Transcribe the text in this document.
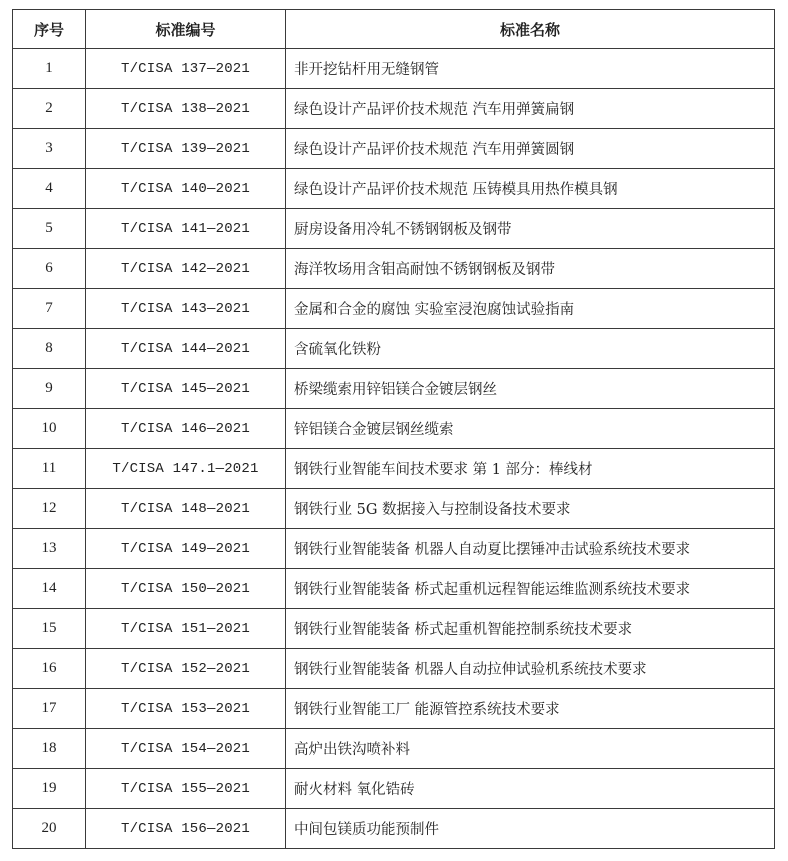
序号	标准编号	标准名称
1	T/CISA 137—2021	非开挖钻杆用无缝钢管
2	T/CISA 138—2021	绿色设计产品评价技术规范 汽车用弹簧扁钢
3	T/CISA 139—2021	绿色设计产品评价技术规范 汽车用弹簧圆钢
4	T/CISA 140—2021	绿色设计产品评价技术规范 压铸模具用热作模具钢
5	T/CISA 141—2021	厨房设备用冷轧不锈钢钢板及钢带
6	T/CISA 142—2021	海洋牧场用含钼高耐蚀不锈钢钢板及钢带
7	T/CISA 143—2021	金属和合金的腐蚀 实验室浸泡腐蚀试验指南
8	T/CISA 144—2021	含硫氧化铁粉
9	T/CISA 145—2021	桥梁缆索用锌铝镁合金镀层钢丝
10	T/CISA 146—2021	锌铝镁合金镀层钢丝缆索
11	T/CISA 147.1—2021	钢铁行业智能车间技术要求 第 1 部分：棒线材
12	T/CISA 148—2021	钢铁行业 5G 数据接入与控制设备技术要求
13	T/CISA 149—2021	钢铁行业智能装备 机器人自动夏比摆锤冲击试验系统技术要求
14	T/CISA 150—2021	钢铁行业智能装备 桥式起重机远程智能运维监测系统技术要求
15	T/CISA 151—2021	钢铁行业智能装备 桥式起重机智能控制系统技术要求
16	T/CISA 152—2021	钢铁行业智能装备 机器人自动拉伸试验机系统技术要求
17	T/CISA 153—2021	钢铁行业智能工厂 能源管控系统技术要求
18	T/CISA 154—2021	高炉出铁沟喷补料
19	T/CISA 155—2021	耐火材料 氧化锆砖
20	T/CISA 156—2021	中间包镁质功能预制件
